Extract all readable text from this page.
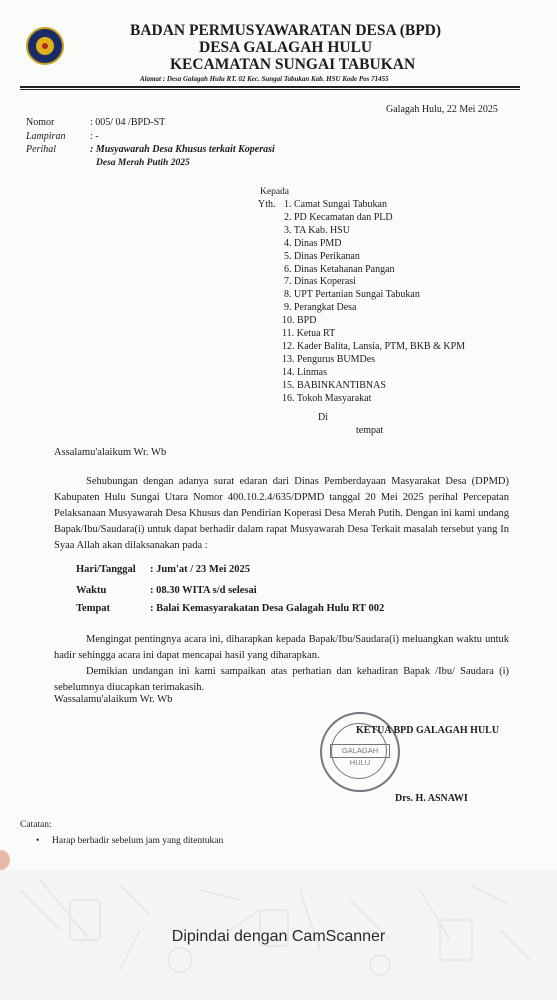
BADAN PERMUSYAWARATAN DESA (BPD)
DESA GALAGAH HULU
KECAMATAN SUNGAI TABUKAN
Alamat : Desa Galagah Hulu RT. 02 Kec. Sungai Tabukan Kab. HSU Kode Pos 71455
Galagah Hulu, 22 Mei 2025
Nomor	: 005/ 04 /BPD-ST
Lampiran : -
Perihal	: Musyawarah Desa Khusus terkait Koperasi
Desa Merah Putih 2025
Kepada
Yth. 1. Camat Sungai Tabukan
2. PD Kecamatan dan PLD
3. TA Kab. HSU
4. Dinas PMD
5. Dinas Perikanan
6. Dinas Ketahanan Pangan
7. Dinas Koperasi
8. UPT Pertanian Sungai Tabukan
9. Perangkat Desa
10. BPD
11. Ketua RT
12. Kader Balita, Lansia, PTM, BKB & KPM
13. Pengurus BUMDes
14. Linmas
15. BABINKANTIBNAS
16. Tokoh Masyarakat
Di
tempat
Assalamu'alaikum Wr. Wb
Sehubungan dengan adanya surat edaran dari Dinas Pemberdayaan Masyarakat Desa (DPMD) Kabupaten Hulu Sungai Utara Nomor 400.10.2.4/635/DPMD tanggal 20 Mei 2025 perihal Percepatan Pelaksanaan Musyawarah Desa Khusus dan Pendirian Koperasi Desa Merah Putih. Dengan ini kami undang Bapak/Ibu/Saudara(i) untuk dapat berhadir dalam rapat Musyawarah Desa Terkait masalah tersebut yang In Syaa Allah akan dilaksanakan pada :
Hari/Tanggal : Jum'at / 23 Mei 2025
Waktu	: 08.30 WITA s/d selesai
Tempat	: Balai Kemasyarakatan Desa Galagah Hulu RT 002
Mengingat pentingnya acara ini, diharapkan kepada Bapak/Ibu/Saudara(i) meluangkan waktu untuk hadir sehingga acara ini dapat mencapai hasil yang diharapkan.
Demikian undangan ini kami sampaikan atas perhatian dan kehadiran Bapak /Ibu/ Saudara (i) sebelumnya diucapkan terimakasih.
Wassalamu'alaikum Wr. Wb
GALAGAH HULU
KETUA BPD GALAGAH HULU
Drs. H. ASNAWI
Catatan:
• Harap berhadir sebelum jam yang ditentukan
Dipindai dengan CamScanner
